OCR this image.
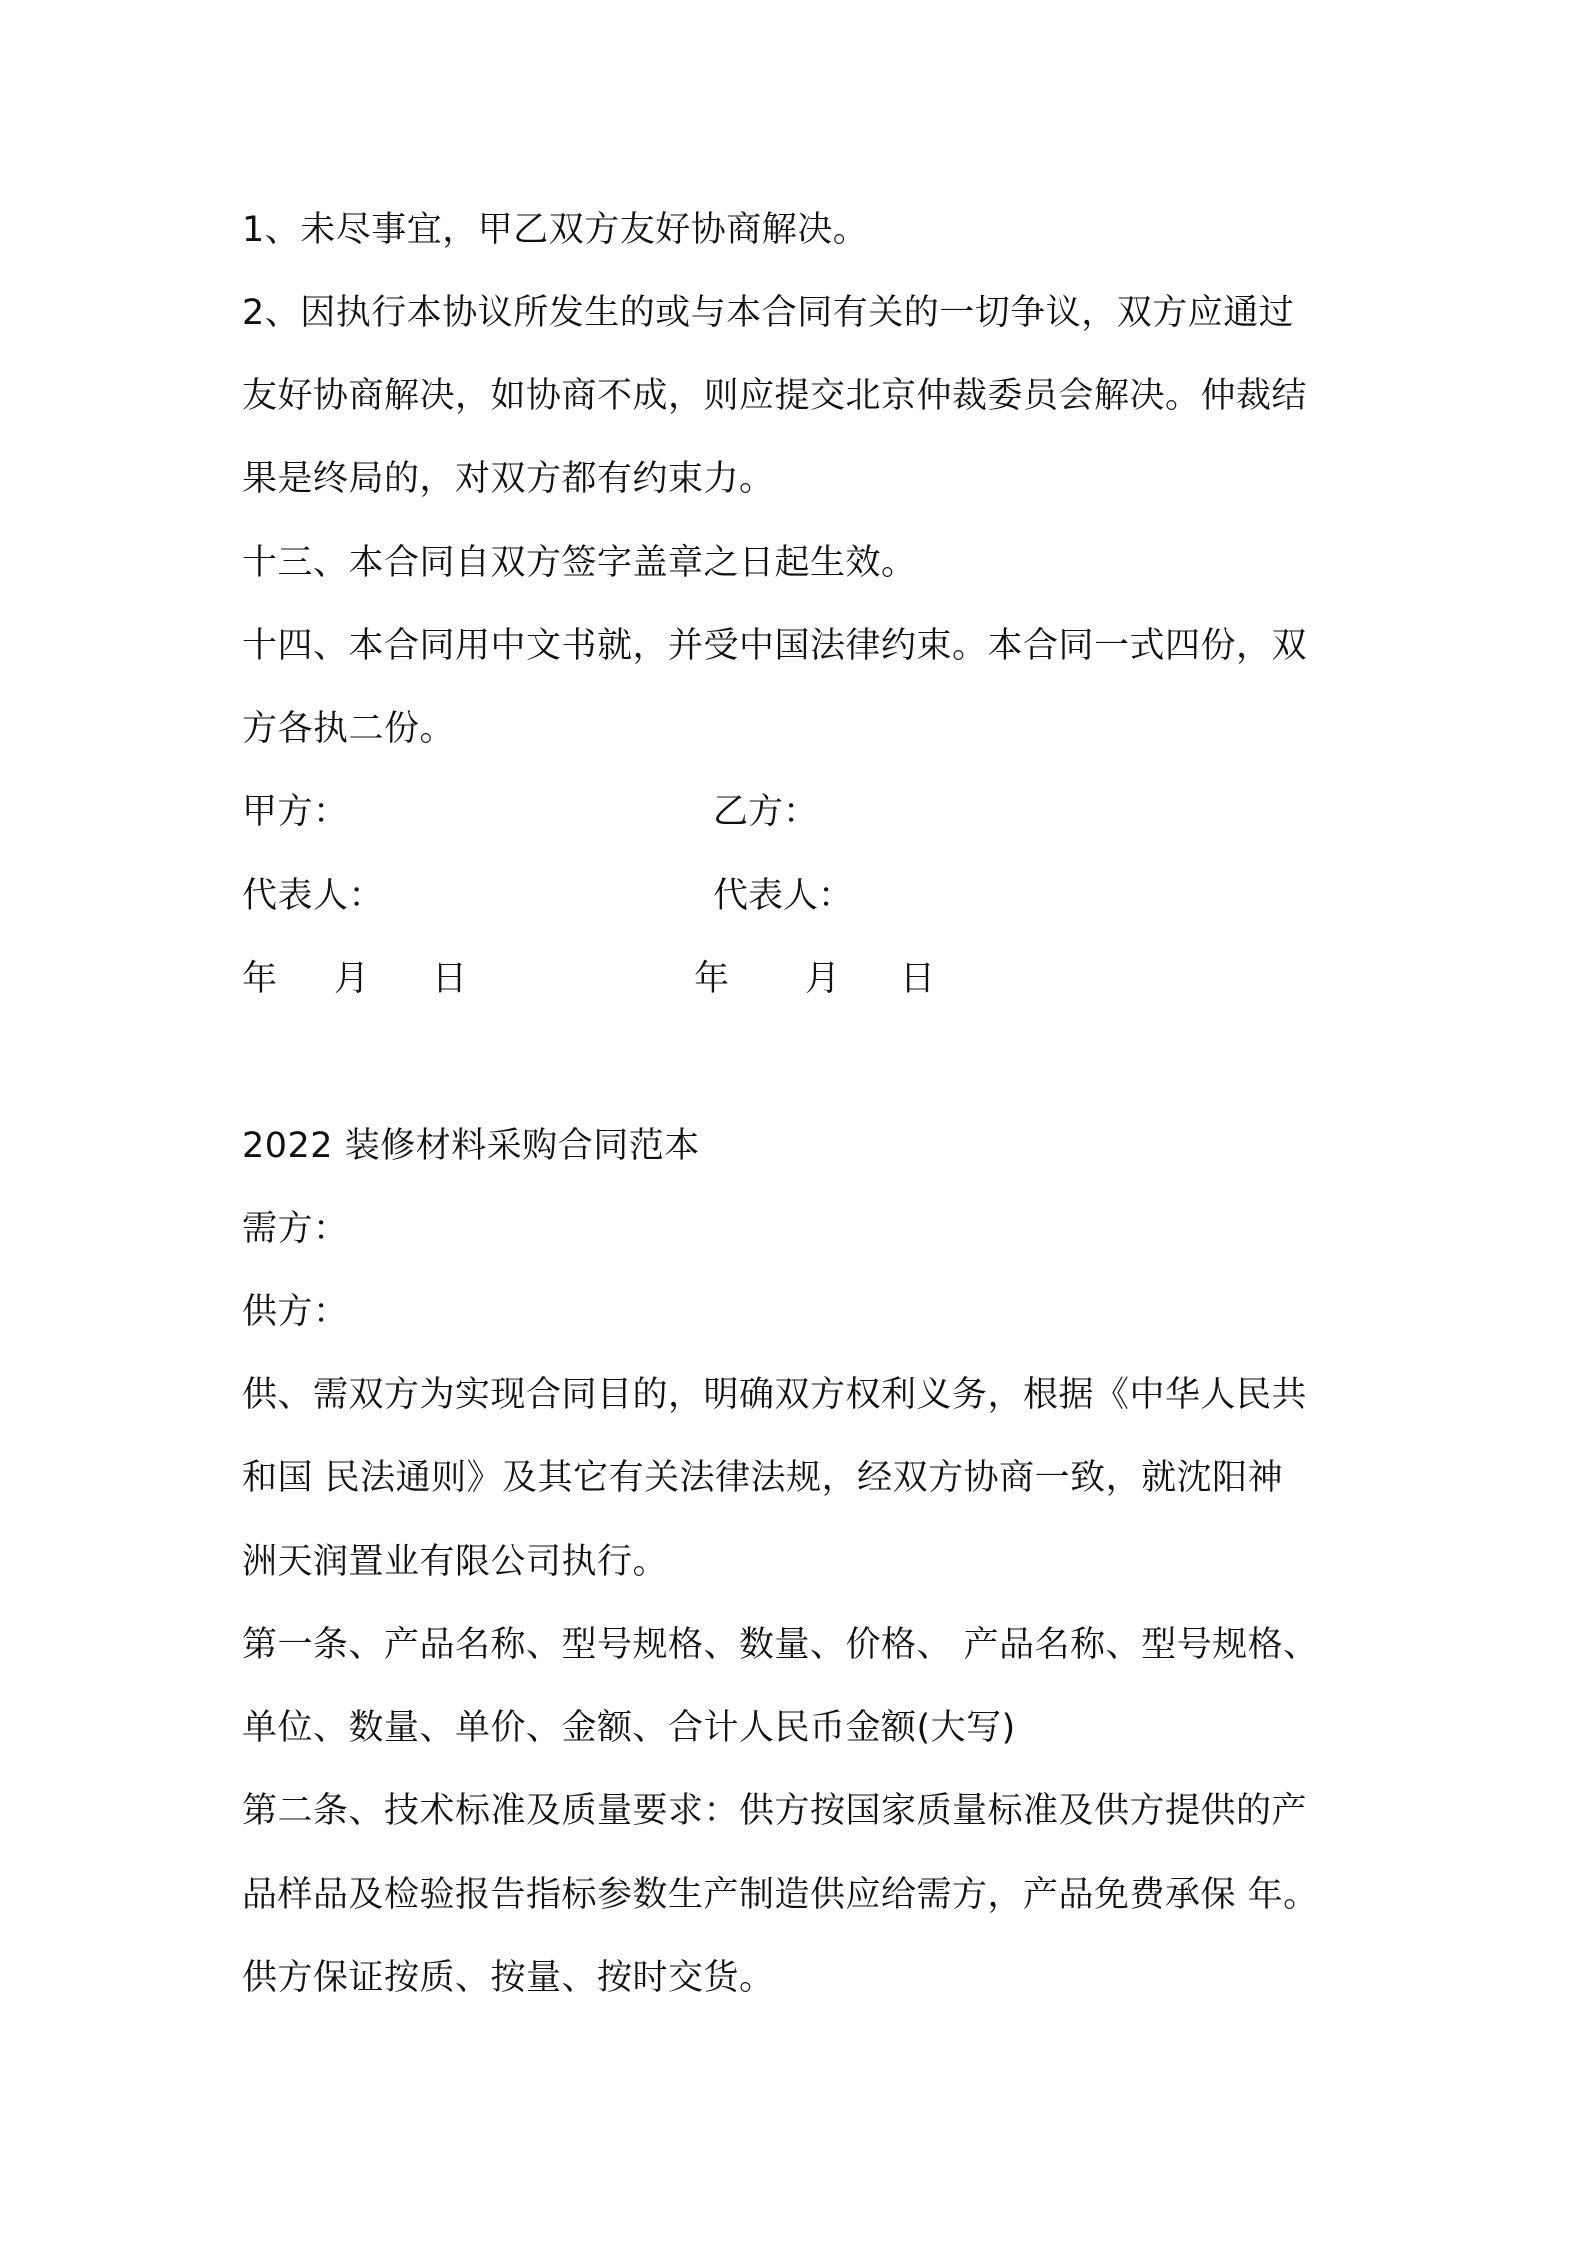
1、未尽事宜，甲乙双方友好协商解决。
2、因执行本协议所发生的或与本合同有关的一切争议，双方应通过
友好协商解决，如协商不成，则应提交北京仲裁委员会解决。仲裁结
果是终局的，对双方都有约束力。
十三、本合同自双方签字盖章之日起生效。
十四、本合同用中文书就，并受中国法律约束。本合同一式四份，双
方各执二份。
甲方：	乙方：
代表人：	代表人：
年 月 日	年 月 日
2022 装修材料采购合同范本
需方：
供方：
供、需双方为实现合同目的，明确双方权利义务，根据《中华人民共
和国 民法通则》及其它有关法律法规，经双方协商一致，就沈阳神
洲天润置业有限公司执行。
第一条、产品名称、型号规格、数量、价格、 产品名称、型号规格、
单位、数量、单价、金额、合计人民币金额(大写)
第二条、技术标准及质量要求：供方按国家质量标准及供方提供的产
品样品及检验报告指标参数生产制造供应给需方，产品免费承保 年。
供方保证按质、按量、按时交货。
